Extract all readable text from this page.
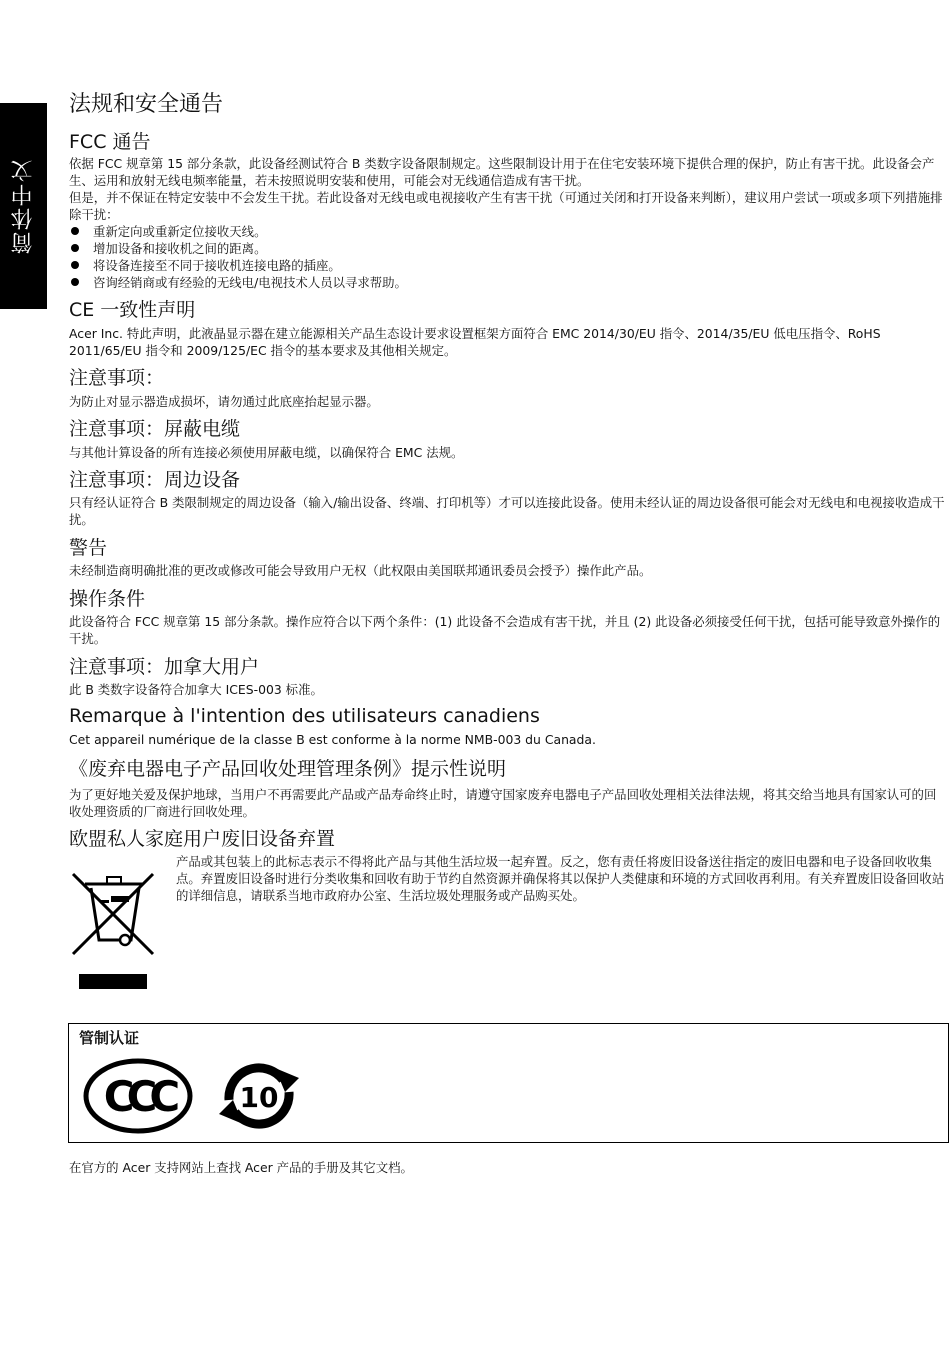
简体中文
法规和安全通告
FCC 通告

依据 FCC 规章第 15 部分条款，此设备经测试符合 B 类数字设备限制规定。这些限制设计用于在住宅安装环境下提供合理的保护，防止有害干扰。此设备会产生、运用和放射无线电频率能量，若未按照说明安装和使用，可能会对无线通信造成有害干扰。

但是，并不保证在特定安装中不会发生干扰。若此设备对无线电或电视接收产生有害干扰（可通过关闭和打开设备来判断），建议用户尝试一项或多项下列措施排除干扰：

重新定向或重新定位接收天线。
增加设备和接收机之间的距离。
将设备连接至不同于接收机连接电路的插座。
咨询经销商或有经验的无线电/电视技术人员以寻求帮助。
CE 一致性声明

Acer Inc. 特此声明，此液晶显示器在建立能源相关产品生态设计要求设置框架方面符合 EMC 2014/30/EU 指令、2014/35/EU 低电压指令、RoHS 2011/65/EU 指令和 2009/125/EC 指令的基本要求及其他相关规定。

注意事项：

为防止对显示器造成损坏，请勿通过此底座抬起显示器。

注意事项：屏蔽电缆

与其他计算设备的所有连接必须使用屏蔽电缆，以确保符合 EMC 法规。

注意事项：周边设备

只有经认证符合 B 类限制规定的周边设备（输入/输出设备、终端、打印机等）才可以连接此设备。使用未经认证的周边设备很可能会对无线电和电视接收造成干扰。

警告

未经制造商明确批准的更改或修改可能会导致用户无权（此权限由美国联邦通讯委员会授予）操作此产品。

操作条件

此设备符合 FCC 规章第 15 部分条款。操作应符合以下两个条件：(1) 此设备不会造成有害干扰，并且 (2) 此设备必须接受任何干扰，包括可能导致意外操作的干扰。

注意事项：加拿大用户

此 B 类数字设备符合加拿大 ICES-003 标准。

Remarque à l'intention des utilisateurs canadiens

Cet appareil numérique de la classe B est conforme à la norme NMB-003 du Canada.

《废弃电器电子产品回收处理管理条例》提示性说明

为了更好地关爱及保护地球，当用户不再需要此产品或产品寿命终止时，请遵守国家废弃电器电子产品回收处理相关法律法规，将其交给当地具有国家认可的回收处理资质的厂商进行回收处理。

欧盟私人家庭用户废旧设备弃置

产品或其包装上的此标志表示不得将此产品与其他生活垃圾一起弃置。反之，您有责任将废旧设备送往指定的废旧电器和电子设备回收收集点。弃置废旧设备时进行分类收集和回收有助于节约自然资源并确保将其以保护人类健康和环境的方式回收再利用。有关弃置废旧设备回收站的详细信息，请联系当地市政府办公室、生活垃圾处理服务或产品购买处。

管制认证
CCC 10

在官方的 Acer 支持网站上查找 Acer 产品的手册及其它文档。
